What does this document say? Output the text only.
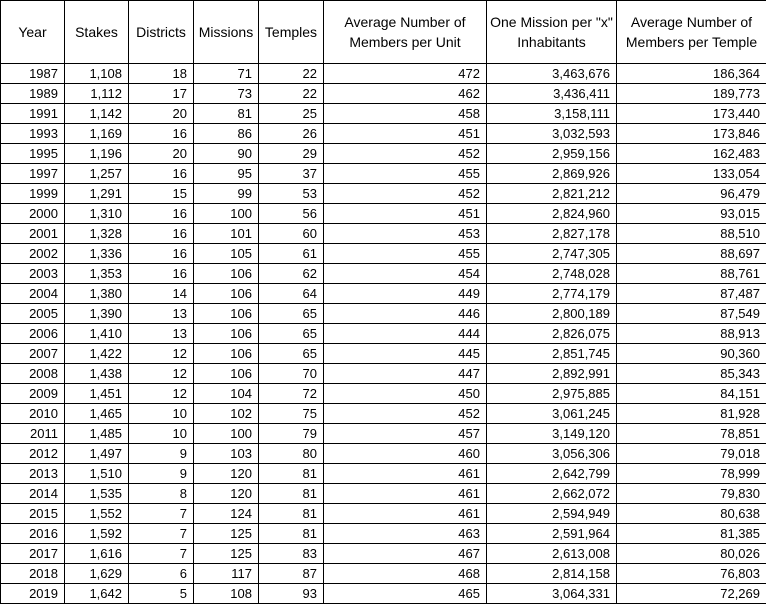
Year	Stakes	Districts	Missions	Temples	Average Number of Members per Unit	One Mission per "x" Inhabitants	Average Number of Members per Temple
1987	1,108	18	71	22	472	3,463,676	186,364
1989	1,112	17	73	22	462	3,436,411	189,773
1991	1,142	20	81	25	458	3,158,111	173,440
1993	1,169	16	86	26	451	3,032,593	173,846
1995	1,196	20	90	29	452	2,959,156	162,483
1997	1,257	16	95	37	455	2,869,926	133,054
1999	1,291	15	99	53	452	2,821,212	96,479
2000	1,310	16	100	56	451	2,824,960	93,015
2001	1,328	16	101	60	453	2,827,178	88,510
2002	1,336	16	105	61	455	2,747,305	88,697
2003	1,353	16	106	62	454	2,748,028	88,761
2004	1,380	14	106	64	449	2,774,179	87,487
2005	1,390	13	106	65	446	2,800,189	87,549
2006	1,410	13	106	65	444	2,826,075	88,913
2007	1,422	12	106	65	445	2,851,745	90,360
2008	1,438	12	106	70	447	2,892,991	85,343
2009	1,451	12	104	72	450	2,975,885	84,151
2010	1,465	10	102	75	452	3,061,245	81,928
2011	1,485	10	100	79	457	3,149,120	78,851
2012	1,497	9	103	80	460	3,056,306	79,018
2013	1,510	9	120	81	461	2,642,799	78,999
2014	1,535	8	120	81	461	2,662,072	79,830
2015	1,552	7	124	81	461	2,594,949	80,638
2016	1,592	7	125	81	463	2,591,964	81,385
2017	1,616	7	125	83	467	2,613,008	80,026
2018	1,629	6	117	87	468	2,814,158	76,803
2019	1,642	5	108	93	465	3,064,331	72,269
